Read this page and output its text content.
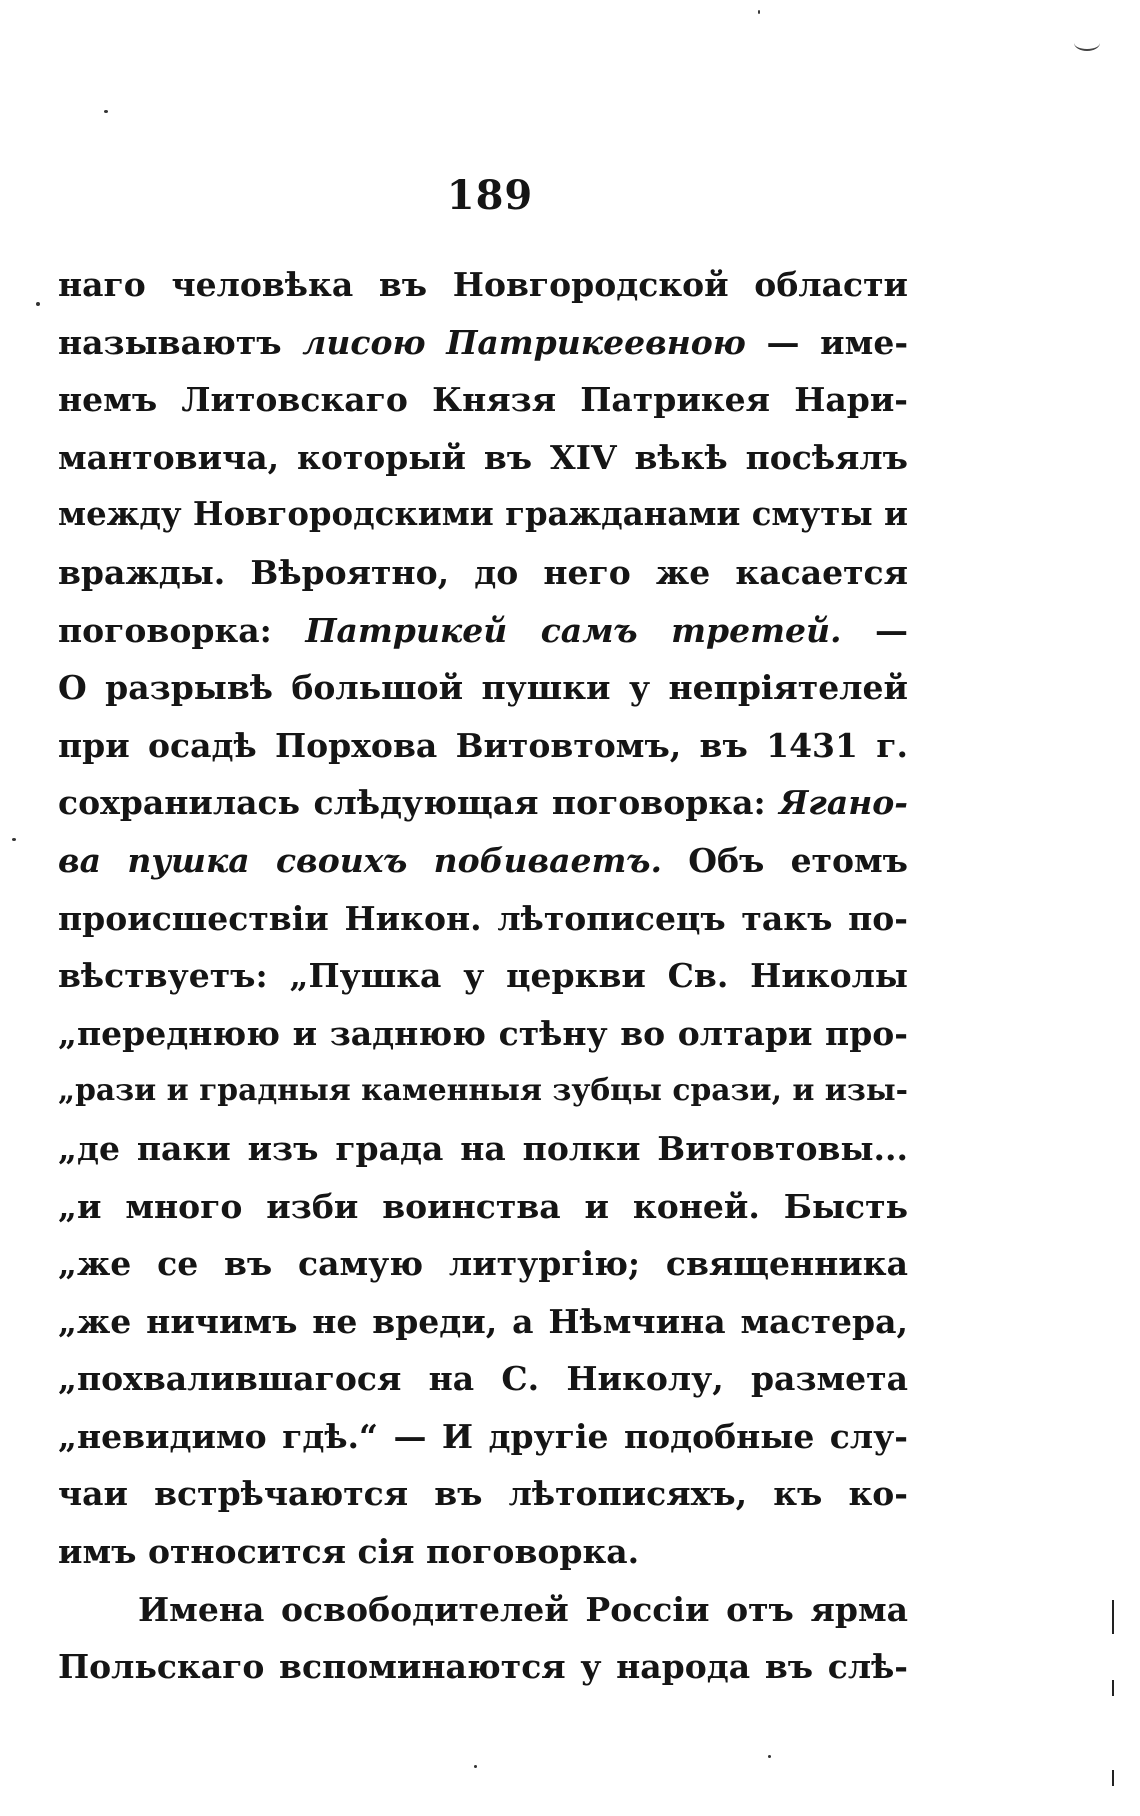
189
наго человѣка въ Новгородской области
называютъ лисою Патрикеевною — име-
немъ Литовскаго Князя Патрикея Нари-
мантовича, который въ XIV вѣкѣ посѣялъ
между Новгородскими гражданами смуты и
вражды. Вѣроятно, до него же касается
поговорка: Патрикей самъ третей. —
О разрывѣ большой пушки у непріятелей
при осадѣ Порхова Витовтомъ, въ 1431 г.
сохранилась слѣдующая поговорка: Ягано-
ва пушка своихъ побиваетъ. Объ етомъ
происшествіи Никон. лѣтописецъ такъ по-
вѣствуетъ: „Пушка у церкви Св. Николы
„переднюю и заднюю стѣну во олтари про-
„рази и градныя каменныя зубцы срази, и изы-
„де паки изъ града на полки Витовтовы...
„и много изби воинства и коней. Бысть
„же се въ самую литургію; священника
„же ничимъ не вреди, а Нѣмчина мастера,
„похвалившагося на С. Николу, размета
„невидимо гдѣ.“ — И другіе подобные слу-
чаи встрѣчаются въ лѣтописяхъ, къ ко-
имъ относится сія поговорка.
Имена освободителей Россіи отъ ярма
Польскаго вспоминаются у народа въ слѣ-
